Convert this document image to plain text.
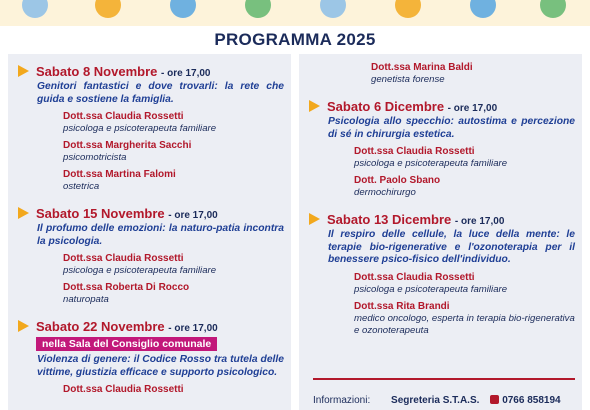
PROGRAMMA 2025
Sabato 8 Novembre - ore 17,00
Genitori fantastici e dove trovarli: la rete che guida e sostiene la famiglia.
Dott.ssa Claudia Rossetti
psicologa e psicoterapeuta familiare
Dott.ssa Margherita Sacchi
psicomotricista
Dott.ssa Martina Falomi
ostetrica
Sabato 15 Novembre - ore 17,00
Il profumo delle emozioni: la naturo-patia incontra la psicologia.
Dott.ssa Claudia Rossetti
psicologa e psicoterapeuta familiare
Dott.ssa Roberta Di Rocco
naturopata
Sabato 22 Novembre - ore 17,00
nella Sala del Consiglio comunale
Violenza di genere: il Codice Rosso tra tutela delle vittime, giustizia efficace e supporto psicologico.
Dott.ssa Claudia Rossetti
Dott.ssa Marina Baldi
genetista forense
Sabato 6 Dicembre - ore 17,00
Psicologia allo specchio: autostima e percezione di sé in chirurgia estetica.
Dott.ssa Claudia Rossetti
psicologa e psicoterapeuta familiare
Dott. Paolo Sbano
dermochirurgo
Sabato 13 Dicembre - ore 17,00
Il respiro delle cellule, la luce della mente: le terapie bio-rigenerative e l'ozonoterapia per il benessere psico-fisico dell'individuo.
Dott.ssa Claudia Rossetti
psicologa e psicoterapeuta familiare
Dott.ssa Rita Brandi
medico oncologo, esperta in terapia bio-rigenerativa e ozonoterapeuta
Informazioni: Segreteria S.T.A.S. 0766 858194
